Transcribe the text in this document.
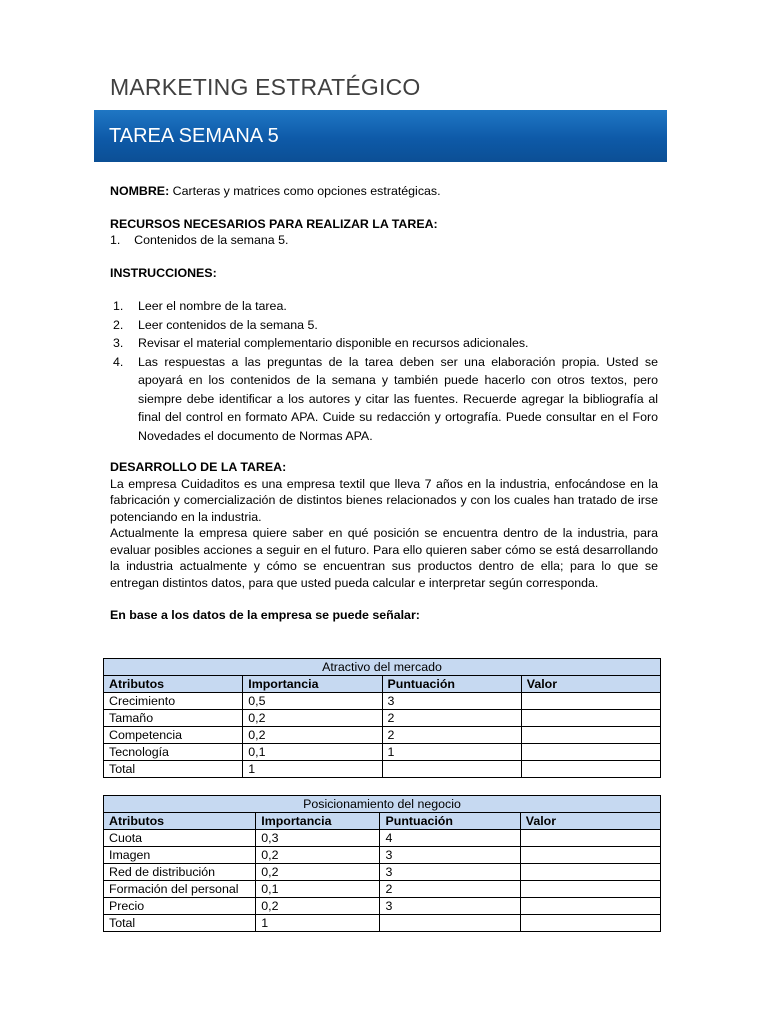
MARKETING ESTRATÉGICO
TAREA SEMANA 5

NOMBRE: Carteras y matrices como opciones estratégicas.

RECURSOS NECESARIOS PARA REALIZAR LA TAREA:

1. Contenidos de la semana 5.

INSTRUCCIONES:

1. Leer el nombre de la tarea.
2. Leer contenidos de la semana 5.
3. Revisar el material complementario disponible en recursos adicionales.
4. Las respuestas a las preguntas de la tarea deben ser una elaboración propia. Usted se apoyará en los contenidos de la semana y también puede hacerlo con otros textos, pero siempre debe identificar a los autores y citar las fuentes. Recuerde agregar la bibliografía al final del control en formato APA. Cuide su redacción y ortografía. Puede consultar en el Foro Novedades el documento de Normas APA.

DESARROLLO DE LA TAREA:

La empresa Cuidaditos es una empresa textil que lleva 7 años en la industria, enfocándose en la fabricación y comercialización de distintos bienes relacionados y con los cuales han tratado de irse potenciando en la industria.

Actualmente la empresa quiere saber en qué posición se encuentra dentro de la industria, para evaluar posibles acciones a seguir en el futuro. Para ello quieren saber cómo se está desarrollando la industria actualmente y cómo se encuentran sus productos dentro de ella; para lo que se entregan distintos datos, para que usted pueda calcular e interpretar según corresponda.

En base a los datos de la empresa se puede señalar:

Atractivo del mercado			
Atributos	Importancia	Puntuación	Valor
Crecimiento	0,5	3	
Tamaño	0,2	2	
Competencia	0,2	2	
Tecnología	0,1	1	
Total	1		
Posicionamiento del negocio			
Atributos	Importancia	Puntuación	Valor
Cuota	0,3	4	
Imagen	0,2	3	
Red de distribución	0,2	3	
Formación del personal	0,1	2	
Precio	0,2	3	
Total	1		
